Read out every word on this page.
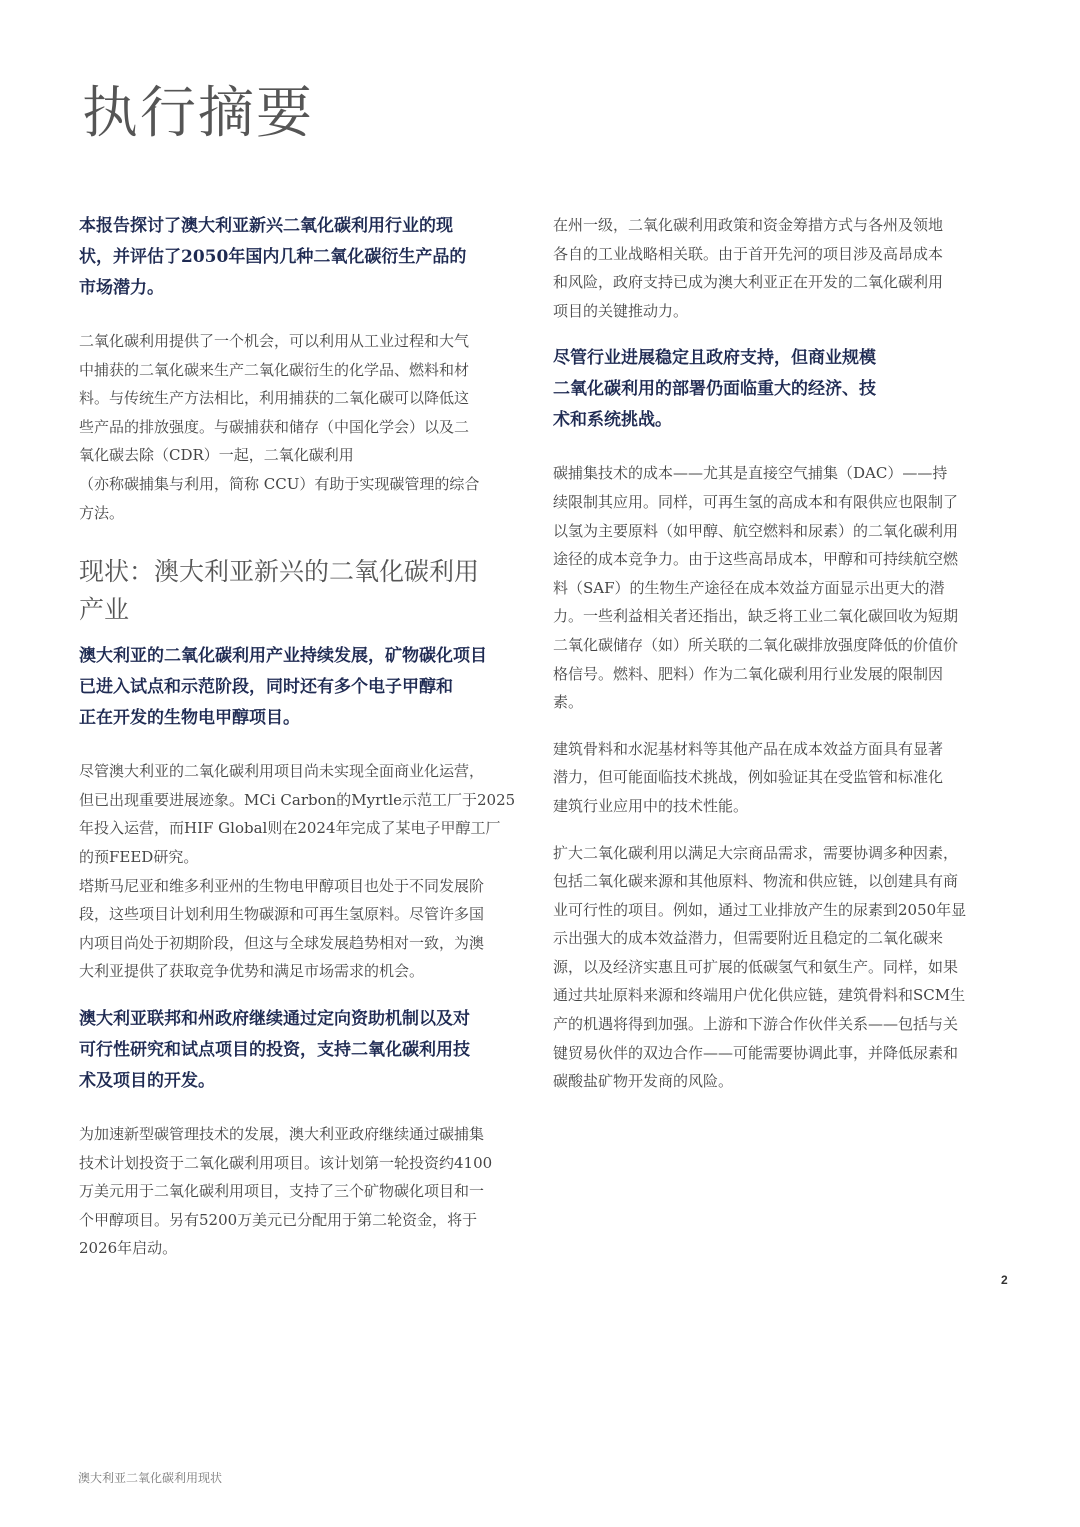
执行摘要

本报告探讨了澳大利亚新兴二氧化碳利用行业的现
状，并评估了2050年国内几种二氧化碳衍生产品的
市场潜力。

二氧化碳利用提供了一个机会，可以利用从工业过程和大气
中捕获的二氧化碳来生产二氧化碳衍生的化学品、燃料和材
料。与传统生产方法相比，利用捕获的二氧化碳可以降低这
些产品的排放强度。与碳捕获和储存（中国化学会）以及二
氧化碳去除（CDR）一起，二氧化碳利用
（亦称碳捕集与利用，简称 CCU）有助于实现碳管理的综合
方法。

现状：澳大利亚新兴的二氧化碳利用
产业

澳大利亚的二氧化碳利用产业持续发展，矿物碳化项目
已进入试点和示范阶段，同时还有多个电子甲醇和
正在开发的生物电甲醇项目。

尽管澳大利亚的二氧化碳利用项目尚未实现全面商业化运营，
但已出现重要进展迹象。MCi Carbon的Myrtle示范工厂于2025
年投入运营，而HIF Global则在2024年完成了某电子甲醇工厂
的预FEED研究。

塔斯马尼亚和维多利亚州的生物电甲醇项目也处于不同发展阶
段，这些项目计划利用生物碳源和可再生氢原料。尽管许多国
内项目尚处于初期阶段，但这与全球发展趋势相对一致，为澳
大利亚提供了获取竞争优势和满足市场需求的机会。

澳大利亚联邦和州政府继续通过定向资助机制以及对
可行性研究和试点项目的投资，支持二氧化碳利用技
术及项目的开发。

为加速新型碳管理技术的发展，澳大利亚政府继续通过碳捕集
技术计划投资于二氧化碳利用项目。该计划第一轮投资约4100
万美元用于二氧化碳利用项目，支持了三个矿物碳化项目和一
个甲醇项目。另有5200万美元已分配用于第二轮资金，将于
2026年启动。

在州一级，二氧化碳利用政策和资金筹措方式与各州及领地
各自的工业战略相关联。由于首开先河的项目涉及高昂成本
和风险，政府支持已成为澳大利亚正在开发的二氧化碳利用
项目的关键推动力。

尽管行业进展稳定且政府支持，但商业规模
二氧化碳利用的部署仍面临重大的经济、技
术和系统挑战。

碳捕集技术的成本——尤其是直接空气捕集（DAC）——持
续限制其应用。同样，可再生氢的高成本和有限供应也限制了
以氢为主要原料（如甲醇、航空燃料和尿素）的二氧化碳利用
途径的成本竞争力。由于这些高昂成本，甲醇和可持续航空燃
料（SAF）的生物生产途径在成本效益方面显示出更大的潜
力。一些利益相关者还指出，缺乏将工业二氧化碳回收为短期
二氧化碳储存（如）所关联的二氧化碳排放强度降低的价值价
格信号。燃料、肥料）作为二氧化碳利用行业发展的限制因
素。

建筑骨料和水泥基材料等其他产品在成本效益方面具有显著
潜力，但可能面临技术挑战，例如验证其在受监管和标准化
建筑行业应用中的技术性能。

扩大二氧化碳利用以满足大宗商品需求，需要协调多种因素，
包括二氧化碳来源和其他原料、物流和供应链，以创建具有商
业可行性的项目。例如，通过工业排放产生的尿素到2050年显
示出强大的成本效益潜力，但需要附近且稳定的二氧化碳来
源，以及经济实惠且可扩展的低碳氢气和氨生产。同样，如果
通过共址原料来源和终端用户优化供应链，建筑骨料和SCM生
产的机遇将得到加强。上游和下游合作伙伴关系——包括与关
键贸易伙伴的双边合作——可能需要协调此事，并降低尿素和
碳酸盐矿物开发商的风险。

2
澳大利亚二氧化碳利用现状
